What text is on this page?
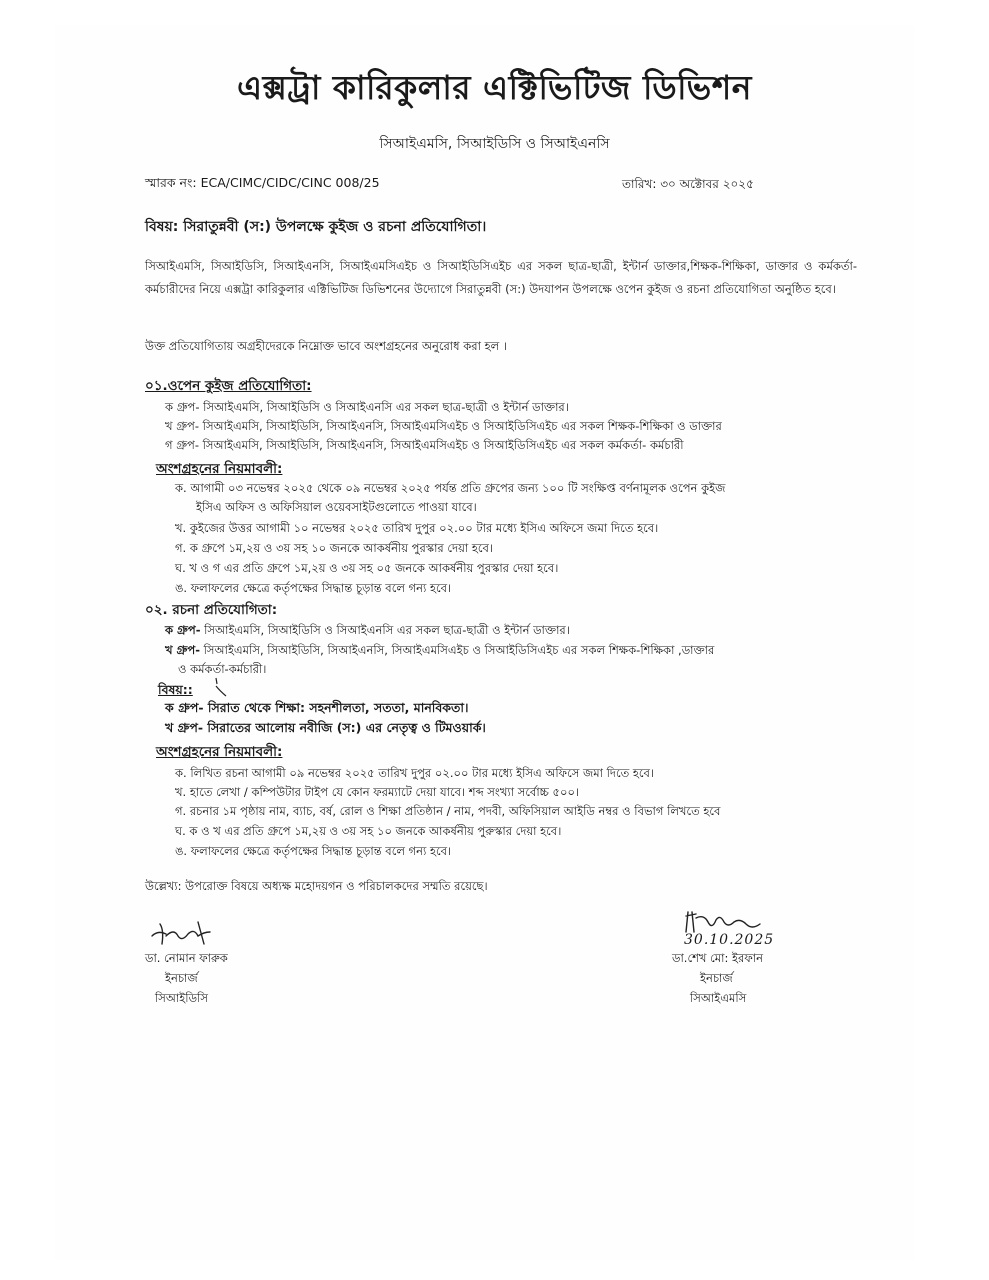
এক্সট্রা কারিকুলার এক্টিভিটিজ ডিভিশন
সিআইএমসি, সিআইডিসি ও সিআইএনসি
স্মারক নং: ECA/CIMC/CIDC/CINC 008/25	তারিখ: ৩০ অক্টোবর ২০২৫
বিষয়: সিরাতুন্নবী (স:) উপলক্ষে কুইজ ও রচনা প্রতিযোগিতা।
সিআইএমসি, সিআইডিসি, সিআইএনসি, সিআইএমসিএইচ ও সিআইডিসিএইচ এর সকল ছাত্র-ছাত্রী, ইন্টার্ন ডাক্তার,শিক্ষক-শিক্ষিকা, ডাক্তার ও কর্মকর্তা-কর্মচারীদের নিয়ে এক্সট্রা কারিকুলার এক্টিভিটিজ ডিভিশনের উদ্যোগে সিরাতুন্নবী (স:) উদযাপন উপলক্ষে ওপেন কুইজ ও রচনা প্রতিযোগিতা অনুষ্ঠিত হবে।
উক্ত প্রতিযোগিতায় অগ্রহীদেরকে নিম্নোক্ত ভাবে অংশগ্রহনের অনুরোধ করা হল ।
০১.ওপেন কুইজ প্রতিযোগিতা:
ক গ্রুপ- সিআইএমসি, সিআইডিসি ও সিআইএনসি এর সকল ছাত্র-ছাত্রী ও ইন্টার্ন ডাক্তার।
খ গ্রুপ- সিআইএমসি, সিআইডিসি, সিআইএনসি, সিআইএমসিএইচ ও সিআইডিসিএইচ এর সকল শিক্ষক-শিক্ষিকা ও ডাক্তার
গ গ্রুপ- সিআইএমসি, সিআইডিসি, সিআইএনসি, সিআইএমসিএইচ ও সিআইডিসিএইচ এর সকল কর্মকর্তা- কর্মচারী
অংশগ্রহনের নিয়মাবলী:
ক. আগামী ০৩ নভেম্বর ২০২৫ থেকে ০৯ নভেম্বর ২০২৫ পর্যন্ত প্রতি গ্রুপের জন্য ১০০ টি সংক্ষিপ্ত বর্ণনামূলক ওপেন কুইজ
ইসিএ অফিস ও অফিসিয়াল ওয়েবসাইটগুলোতে পাওয়া যাবে।
খ. কুইজের উত্তর আগামী ১০ নভেম্বর ২০২৫ তারিখ দুপুর ০২.০০ টার মধ্যে ইসিএ অফিসে জমা দিতে হবে।
গ. ক গ্রুপে ১ম,২য় ও ৩য় সহ ১০ জনকে আকর্ষনীয় পুরস্কার দেয়া হবে।
ঘ. খ ও গ এর প্রতি গ্রুপে ১ম,২য় ও ৩য় সহ ০৫ জনকে আকর্ষনীয় পুরস্কার দেয়া হবে।
ঙ. ফলাফলের ক্ষেত্রে কর্তৃপক্ষের সিদ্ধান্ত চূড়ান্ত বলে গন্য হবে।
০২. রচনা প্রতিযোগিতা:
ক গ্রুপ- সিআইএমসি, সিআইডিসি ও সিআইএনসি এর সকল ছাত্র-ছাত্রী ও ইন্টার্ন ডাক্তার।
খ গ্রুপ- সিআইএমসি, সিআইডিসি, সিআইএনসি, সিআইএমসিএইচ ও সিআইডিসিএইচ এর সকল শিক্ষক-শিক্ষিকা ,ডাক্তার
ও কর্মকর্তা-কর্মচারী।
বিষয়::
ক গ্রুপ- সিরাত থেকে শিক্ষা: সহনশীলতা, সততা, মানবিকতা।
খ গ্রুপ- সিরাতের আলোয় নবীজি (স:) এর নেতৃত্ব ও টিমওয়ার্ক।
অংশগ্রহনের নিয়মাবলী:
ক. লিখিত রচনা আগামী ০৯ নভেম্বর ২০২৫ তারিখ দুপুর ০২.০০ টার মধ্যে ইসিএ অফিসে জমা দিতে হবে।
খ. হাতে লেখা / কম্পিউটার টাইপ যে কোন ফরম্যাটে দেয়া যাবে। শব্দ সংখ্যা সর্বোচ্চ ৫০০।
গ. রচনার ১ম পৃষ্ঠায় নাম, ব্যাচ, বর্ষ, রোল ও শিক্ষা প্রতিষ্ঠান / নাম, পদবী, অফিসিয়াল আইডি নম্বর ও বিভাগ লিখতে হবে
ঘ. ক ও খ এর প্রতি গ্রুপে ১ম,২য় ও ৩য় সহ ১০ জনকে আকর্ষনীয় পুরুস্কার দেয়া হবে।
ঙ. ফলাফলের ক্ষেত্রে কর্তৃপক্ষের সিদ্ধান্ত চূড়ান্ত বলে গন্য হবে।
উল্লেখ্য: উপরোক্ত বিষয়ে অধ্যক্ষ মহোদয়গন ও পরিচালকদের সম্মতি রয়েছে।
ডা. নোমান ফারুক
ইনচার্জ
সিআইডিসি
30.10.2025
ডা.শেখ মো: ইরফান
ইনচার্জ
সিআইএমসি
